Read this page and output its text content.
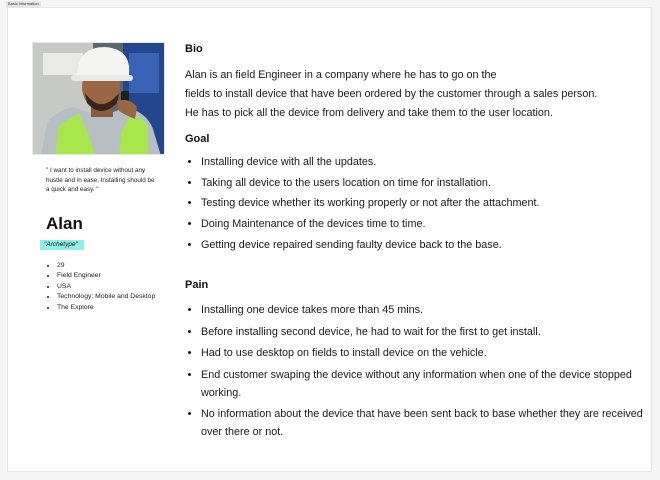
Basic information
" I want to install device without any hustle and in ease. Installing should be a quick and easy. "
Alan
"Archetype"
• 29
• Field Engineer
• USA
• Technology: Mobile and Desktop
• The Explore
Bio
Alan is an field Engineer in a company where he has to go on the
fields to install device that have been ordered by the customer through a sales person.
He has to pick all the device from delivery and take them to the user location.
Goal
• Installing device with all the updates.
• Taking all device to the users location on time for installation.
• Testing device whether its working properly or not after the attachment.
• Doing Maintenance of the devices time to time.
• Getting device repaired sending faulty device back to the base.
Pain
• Installing one device takes more than 45 mins.
• Before installing second device, he had to wait for the first to get install.
• Had to use desktop on fields to install device on the vehicle.
• End customer swaping the device without any information when one of the device stopped working.
• No information about the device that have been sent back to base whether they are received over there or not.
